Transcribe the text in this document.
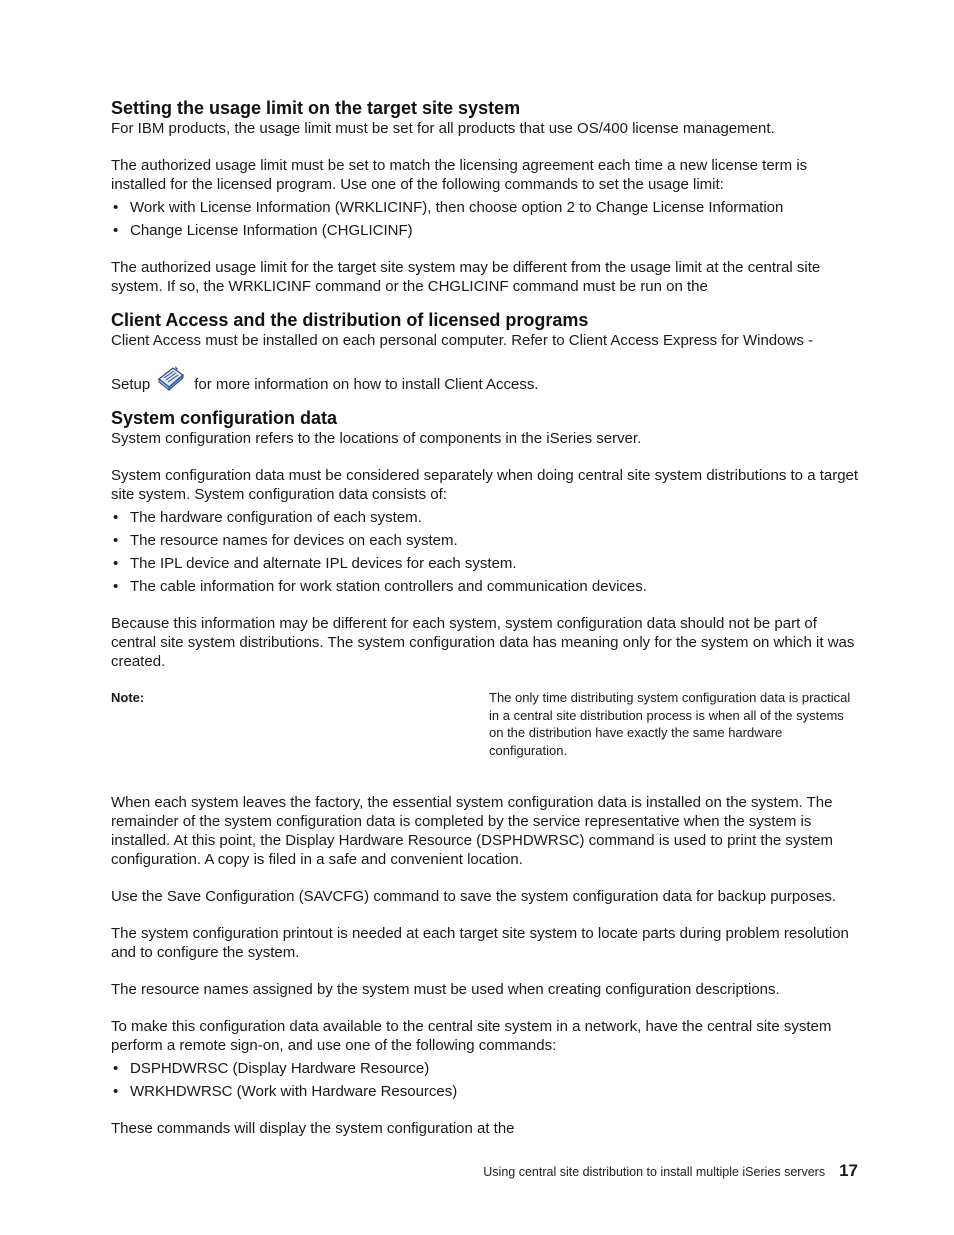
Setting the usage limit on the target site system

For IBM products, the usage limit must be set for all products that use OS/400 license management.

The authorized usage limit must be set to match the licensing agreement each time a new license term is installed for the licensed program. Use one of the following commands to set the usage limit:

• Work with License Information (WRKLICINF), then choose option 2 to Change License Information
• Change License Information (CHGLICINF)

The authorized usage limit for the target site system may be different from the usage limit at the central site system. If so, the WRKLICINF command or the CHGLICINF command must be run on the

Client Access and the distribution of licensed programs

Client Access must be installed on each personal computer. Refer to Client Access Express for Windows -

Setup	for more information on how to install Client Access.
System configuration data

System configuration refers to the locations of components in the iSeries server.

System configuration data must be considered separately when doing central site system distributions to a target site system. System configuration data consists of:

• The hardware configuration of each system.
• The resource names for devices on each system.
• The IPL device and alternate IPL devices for each system.
• The cable information for work station controllers and communication devices.

Because this information may be different for each system, system configuration data should not be part of central site system distributions. The system configuration data has meaning only for the system on which it was created.

Note:	The only time distributing system configuration data is practical in a central site distribution process is when all of the systems on the distribution have exactly the same hardware configuration.

When each system leaves the factory, the essential system configuration data is installed on the system. The remainder of the system configuration data is completed by the service representative when the system is installed. At this point, the Display Hardware Resource (DSPHDWRSC) command is used to print the system configuration. A copy is filed in a safe and convenient location.

Use the Save Configuration (SAVCFG) command to save the system configuration data for backup purposes.

The system configuration printout is needed at each target site system to locate parts during problem resolution and to configure the system.

The resource names assigned by the system must be used when creating configuration descriptions.

To make this configuration data available to the central site system in a network, have the central site system perform a remote sign-on, and use one of the following commands:

• DSPHDWRSC (Display Hardware Resource)
• WRKHDWRSC (Work with Hardware Resources)

These commands will display the system configuration at the

Using central site distribution to install multiple iSeries servers 17
